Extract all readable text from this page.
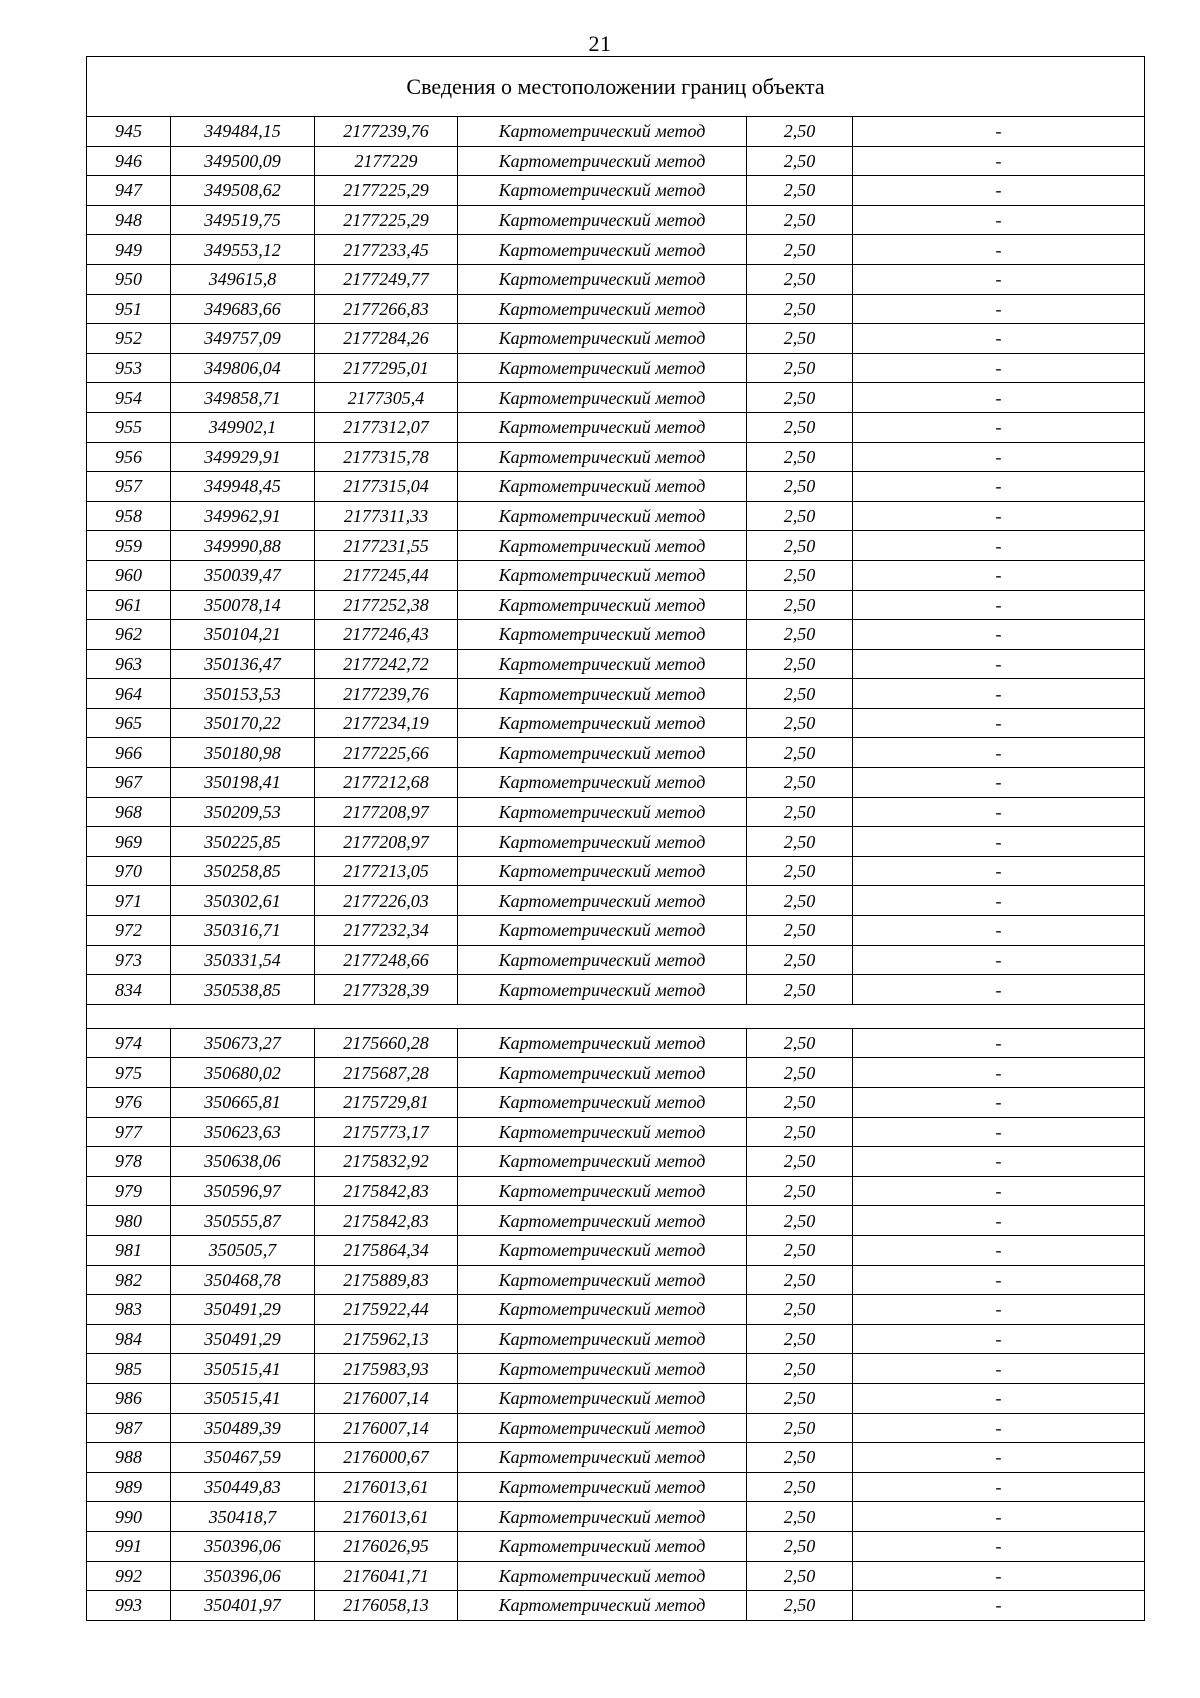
21
Сведения о местоположении границ объекта					
945	349484,15	2177239,76	Картометрический метод	2,50	-
946	349500,09	2177229	Картометрический метод	2,50	-
947	349508,62	2177225,29	Картометрический метод	2,50	-
948	349519,75	2177225,29	Картометрический метод	2,50	-
949	349553,12	2177233,45	Картометрический метод	2,50	-
950	349615,8	2177249,77	Картометрический метод	2,50	-
951	349683,66	2177266,83	Картометрический метод	2,50	-
952	349757,09	2177284,26	Картометрический метод	2,50	-
953	349806,04	2177295,01	Картометрический метод	2,50	-
954	349858,71	2177305,4	Картометрический метод	2,50	-
955	349902,1	2177312,07	Картометрический метод	2,50	-
956	349929,91	2177315,78	Картометрический метод	2,50	-
957	349948,45	2177315,04	Картометрический метод	2,50	-
958	349962,91	2177311,33	Картометрический метод	2,50	-
959	349990,88	2177231,55	Картометрический метод	2,50	-
960	350039,47	2177245,44	Картометрический метод	2,50	-
961	350078,14	2177252,38	Картометрический метод	2,50	-
962	350104,21	2177246,43	Картометрический метод	2,50	-
963	350136,47	2177242,72	Картометрический метод	2,50	-
964	350153,53	2177239,76	Картометрический метод	2,50	-
965	350170,22	2177234,19	Картометрический метод	2,50	-
966	350180,98	2177225,66	Картометрический метод	2,50	-
967	350198,41	2177212,68	Картометрический метод	2,50	-
968	350209,53	2177208,97	Картометрический метод	2,50	-
969	350225,85	2177208,97	Картометрический метод	2,50	-
970	350258,85	2177213,05	Картометрический метод	2,50	-
971	350302,61	2177226,03	Картометрический метод	2,50	-
972	350316,71	2177232,34	Картометрический метод	2,50	-
973	350331,54	2177248,66	Картометрический метод	2,50	-
834	350538,85	2177328,39	Картометрический метод	2,50	-

974	350673,27	2175660,28	Картометрический метод	2,50	-
975	350680,02	2175687,28	Картометрический метод	2,50	-
976	350665,81	2175729,81	Картометрический метод	2,50	-
977	350623,63	2175773,17	Картометрический метод	2,50	-
978	350638,06	2175832,92	Картометрический метод	2,50	-
979	350596,97	2175842,83	Картометрический метод	2,50	-
980	350555,87	2175842,83	Картометрический метод	2,50	-
981	350505,7	2175864,34	Картометрический метод	2,50	-
982	350468,78	2175889,83	Картометрический метод	2,50	-
983	350491,29	2175922,44	Картометрический метод	2,50	-
984	350491,29	2175962,13	Картометрический метод	2,50	-
985	350515,41	2175983,93	Картометрический метод	2,50	-
986	350515,41	2176007,14	Картометрический метод	2,50	-
987	350489,39	2176007,14	Картометрический метод	2,50	-
988	350467,59	2176000,67	Картометрический метод	2,50	-
989	350449,83	2176013,61	Картометрический метод	2,50	-
990	350418,7	2176013,61	Картометрический метод	2,50	-
991	350396,06	2176026,95	Картометрический метод	2,50	-
992	350396,06	2176041,71	Картометрический метод	2,50	-
993	350401,97	2176058,13	Картометрический метод	2,50	-
